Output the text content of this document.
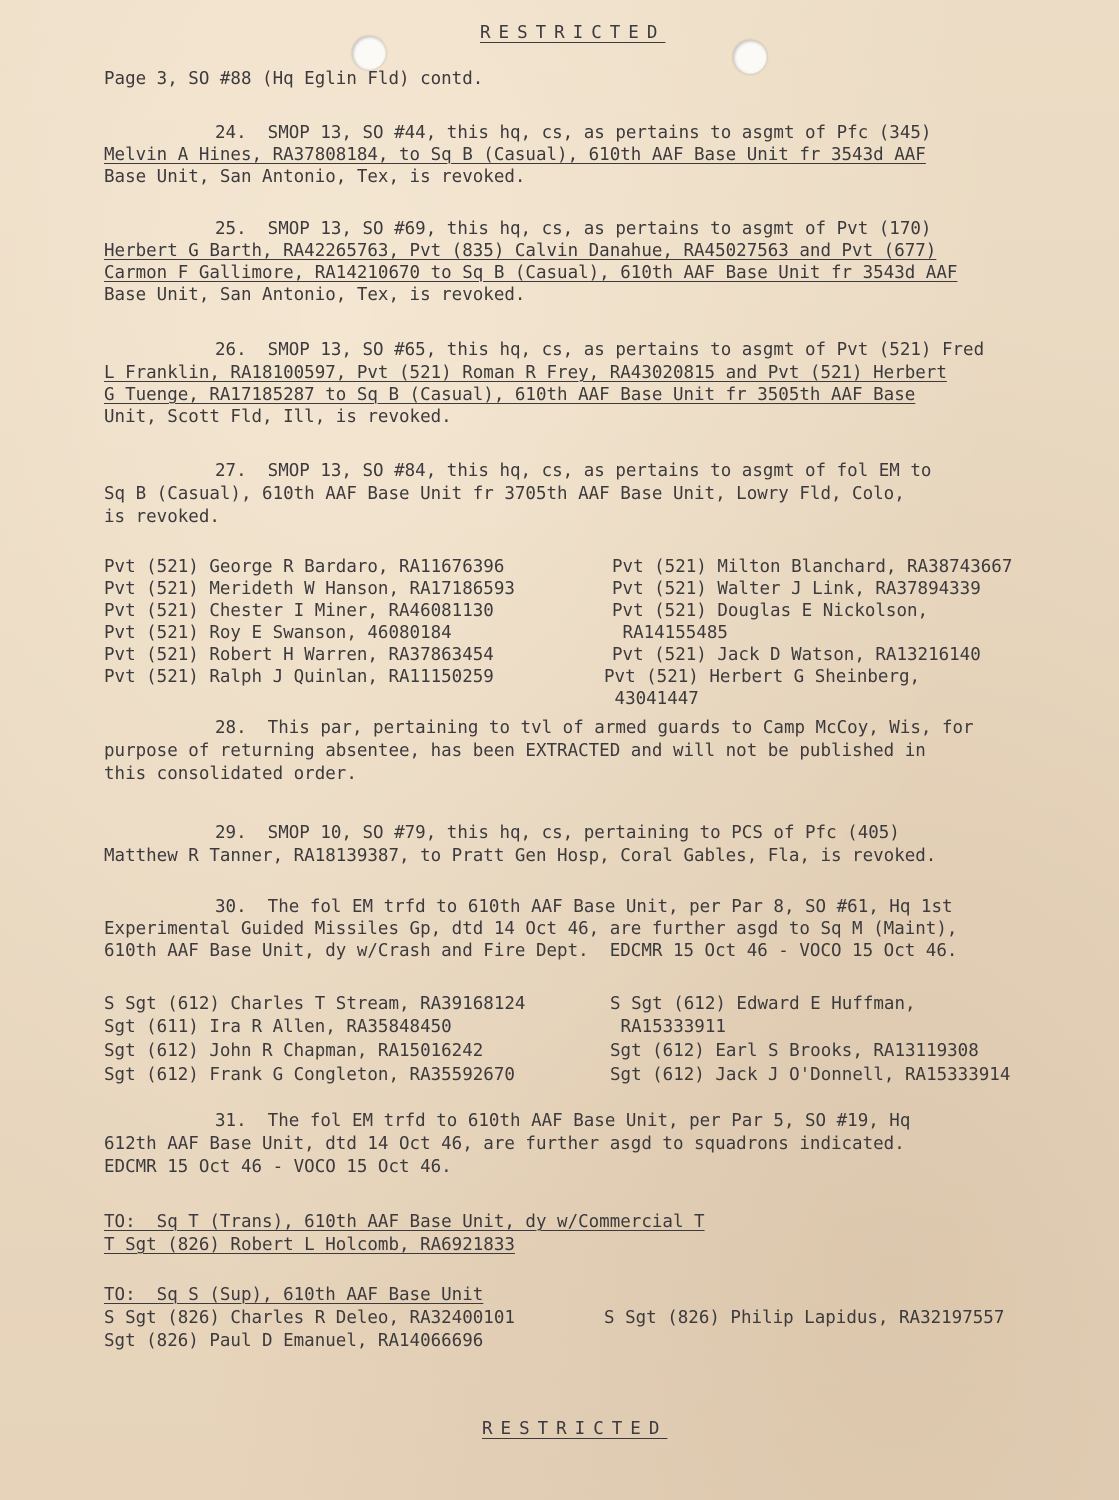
RESTRICTED
Page 3, SO #88 (Hq Eglin Fld) contd.
24.  SMOP 13, SO #44, this hq, cs, as pertains to asgmt of Pfc (345)
Melvin A Hines, RA37808184, to Sq B (Casual), 610th AAF Base Unit fr 3543d AAF
Base Unit, San Antonio, Tex, is revoked.
25.  SMOP 13, SO #69, this hq, cs, as pertains to asgmt of Pvt (170)
Herbert G Barth, RA42265763, Pvt (835) Calvin Danahue, RA45027563 and Pvt (677)
Carmon F Gallimore, RA14210670 to Sq B (Casual), 610th AAF Base Unit fr 3543d AAF
Base Unit, San Antonio, Tex, is revoked.
26.  SMOP 13, SO #65, this hq, cs, as pertains to asgmt of Pvt (521) Fred
L Franklin, RA18100597, Pvt (521) Roman R Frey, RA43020815 and Pvt (521) Herbert
G Tuenge, RA17185287 to Sq B (Casual), 610th AAF Base Unit fr 3505th AAF Base
Unit, Scott Fld, Ill, is revoked.
27.  SMOP 13, SO #84, this hq, cs, as pertains to asgmt of fol EM to
Sq B (Casual), 610th AAF Base Unit fr 3705th AAF Base Unit, Lowry Fld, Colo,
is revoked.
Pvt (521) George R Bardaro, RA11676396
Pvt (521) Merideth W Hanson, RA17186593
Pvt (521) Chester I Miner, RA46081130
Pvt (521) Roy E Swanson, 46080184
Pvt (521) Robert H Warren, RA37863454
Pvt (521) Ralph J Quinlan, RA11150259
Pvt (521) Milton Blanchard, RA38743667
Pvt (521) Walter J Link, RA37894339
Pvt (521) Douglas E Nickolson,
RA14155485
Pvt (521) Jack D Watson, RA13216140
Pvt (521) Herbert G Sheinberg,
43041447
28.  This par, pertaining to tvl of armed guards to Camp McCoy, Wis, for
purpose of returning absentee, has been EXTRACTED and will not be published in
this consolidated order.
29.  SMOP 10, SO #79, this hq, cs, pertaining to PCS of Pfc (405)
Matthew R Tanner, RA18139387, to Pratt Gen Hosp, Coral Gables, Fla, is revoked.
30.  The fol EM trfd to 610th AAF Base Unit, per Par 8, SO #61, Hq 1st
Experimental Guided Missiles Gp, dtd 14 Oct 46, are further asgd to Sq M (Maint),
610th AAF Base Unit, dy w/Crash and Fire Dept.  EDCMR 15 Oct 46 - VOCO 15 Oct 46.
S Sgt (612) Charles T Stream, RA39168124
Sgt (611) Ira R Allen, RA35848450
Sgt (612) John R Chapman, RA15016242
Sgt (612) Frank G Congleton, RA35592670
S Sgt (612) Edward E Huffman,
RA15333911
Sgt (612) Earl S Brooks, RA13119308
Sgt (612) Jack J O'Donnell, RA15333914
31.  The fol EM trfd to 610th AAF Base Unit, per Par 5, SO #19, Hq
612th AAF Base Unit, dtd 14 Oct 46, are further asgd to squadrons indicated.
EDCMR 15 Oct 46 - VOCO 15 Oct 46.
TO:  Sq T (Trans), 610th AAF Base Unit, dy w/Commercial T
T Sgt (826) Robert L Holcomb, RA6921833
TO:  Sq S (Sup), 610th AAF Base Unit
S Sgt (826) Charles R Deleo, RA32400101
Sgt (826) Paul D Emanuel, RA14066696
S Sgt (826) Philip Lapidus, RA32197557
RESTRICTED
